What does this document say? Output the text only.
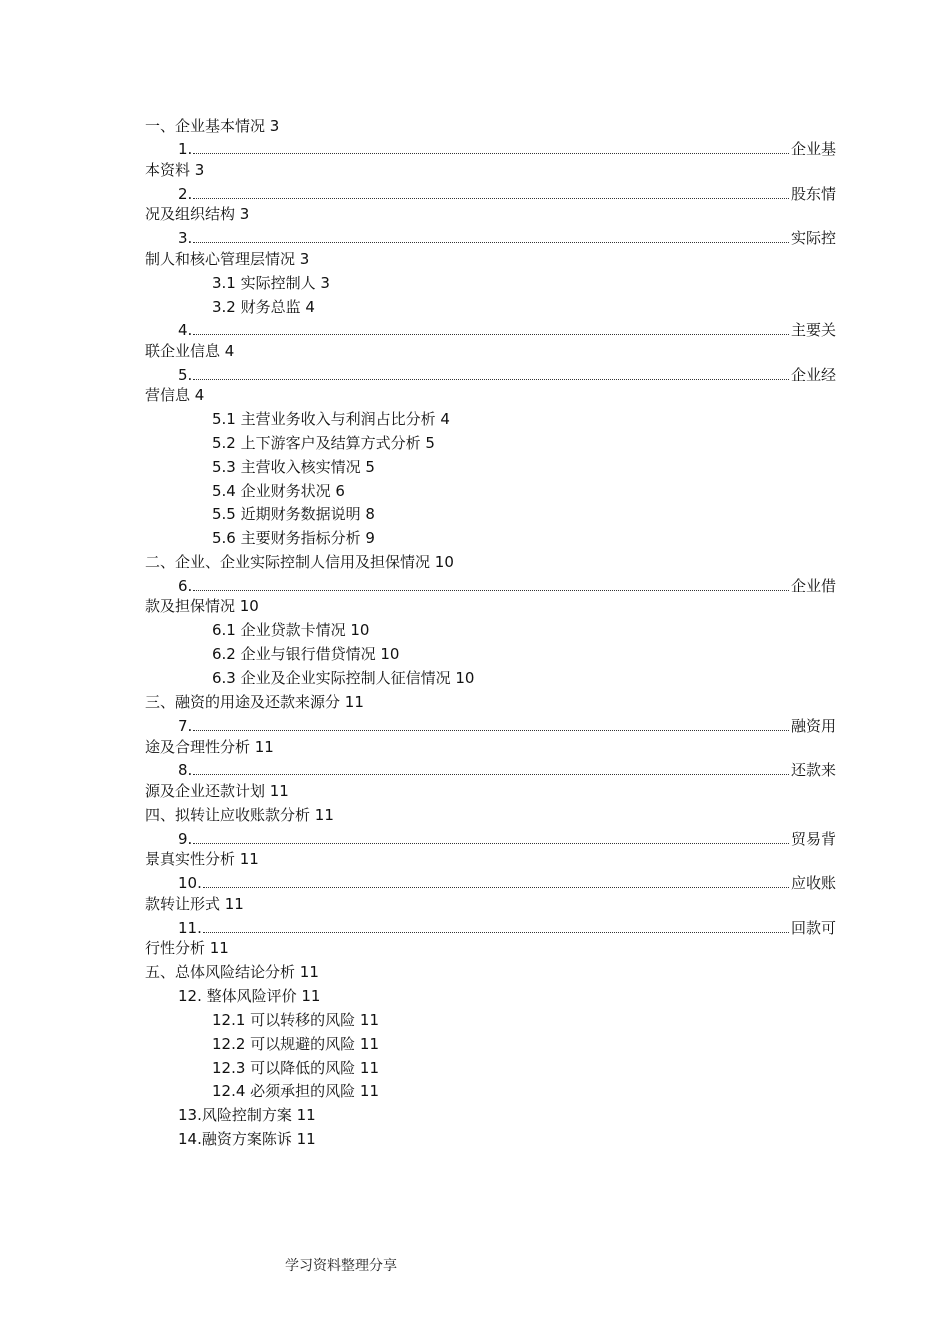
一、企业基本情况 3
1.	企业基
本资料 3
2.	股东情
况及组织结构 3
3.	实际控
制人和核心管理层情况 3
3.1 实际控制人 3
3.2 财务总监 4
4.	主要关
联企业信息 4
5.	企业经
营信息 4
5.1 主营业务收入与利润占比分析 4
5.2 上下游客户及结算方式分析 5
5.3 主营收入核实情况 5
5.4 企业财务状况 6
5.5 近期财务数据说明 8
5.6 主要财务指标分析 9
二、企业、企业实际控制人信用及担保情况 10
6.	企业借
款及担保情况 10
6.1 企业贷款卡情况 10
6.2 企业与银行借贷情况 10
6.3 企业及企业实际控制人征信情况 10
三、融资的用途及还款来源分 11
7.	融资用
途及合理性分析 11
8.	还款来
源及企业还款计划 11
四、拟转让应收账款分析 11
9.	贸易背
景真实性分析 11
10.	应收账
款转让形式 11
11.	回款可
行性分析 11
五、总体风险结论分析 11
12. 整体风险评价 11
12.1 可以转移的风险 11
12.2 可以规避的风险 11
12.3 可以降低的风险 11
12.4 必须承担的风险 11
13.风险控制方案 11
14.融资方案陈诉 11
学习资料整理分享
